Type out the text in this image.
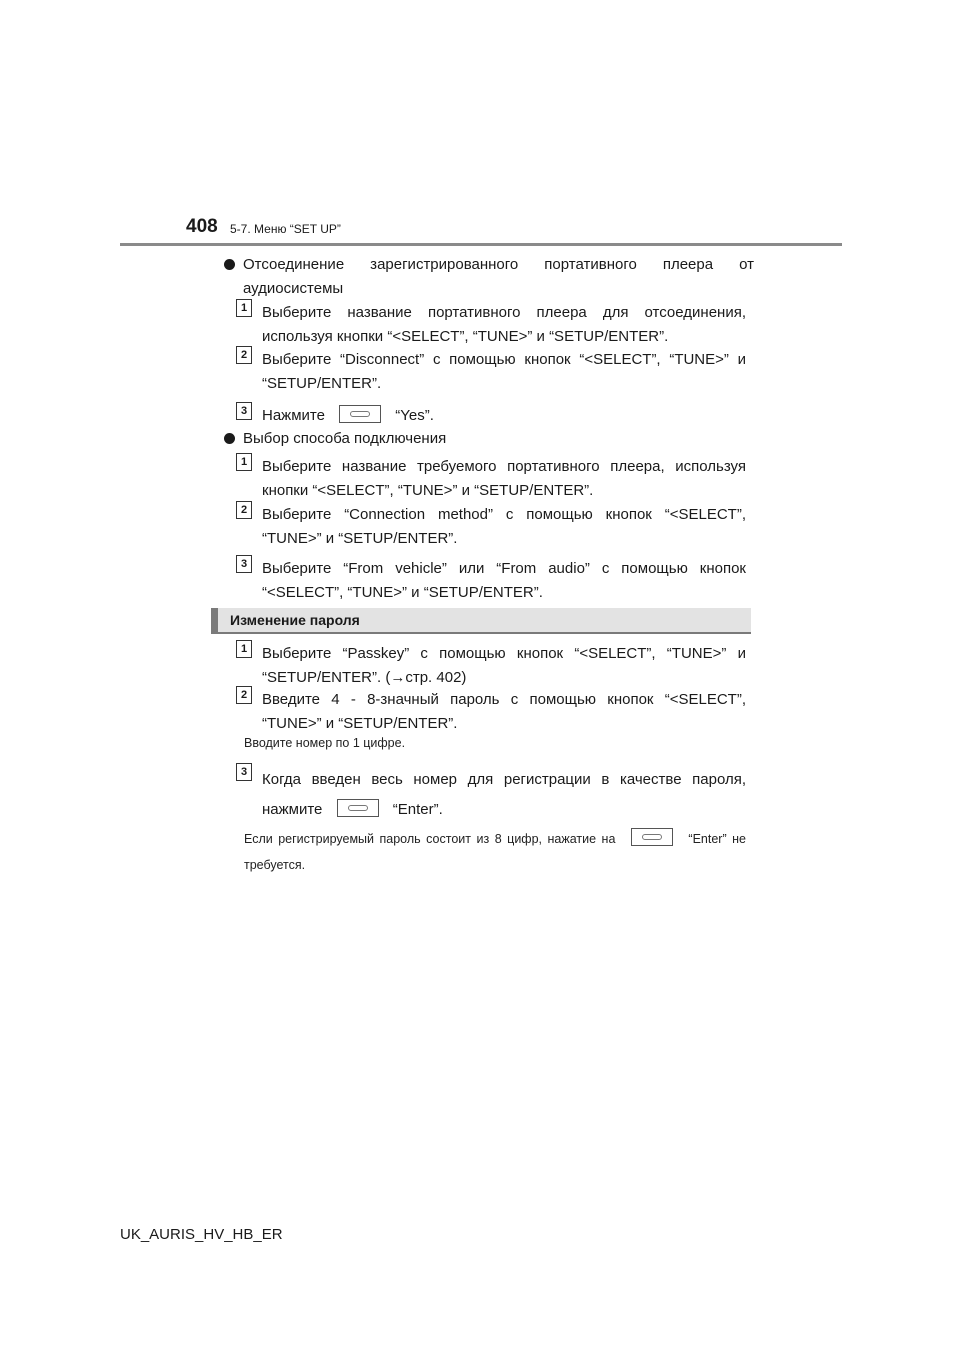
408 5-7. Меню “SET UP”
Отсоединение зарегистрированного портативного плеера от аудиосистемы
1 Выберите название портативного плеера для отсоединения, используя кнопки “<SELECT”, “TUNE>” и “SETUP/ENTER”.
2 Выберите “Disconnect” с помощью кнопок “<SELECT”, “TUNE>” и “SETUP/ENTER”.
3 Нажмите	“Yes”.
Выбор способа подключения
1 Выберите название требуемого портативного плеера, используя кнопки “<SELECT”, “TUNE>” и “SETUP/ENTER”.
2 Выберите “Connection method” с помощью кнопок “<SELECT”, “TUNE>” и “SETUP/ENTER”.
3 Выберите “From vehicle” или “From audio” с помощью кнопок “<SELECT”, “TUNE>” и “SETUP/ENTER”.
Изменение пароля
1 Выберите “Passkey” с помощью кнопок “<SELECT”, “TUNE>” и “SETUP/ENTER”. (→стр. 402)
2 Введите 4 - 8-значный пароль с помощью кнопок “<SELECT”, “TUNE>” и “SETUP/ENTER”.
Вводите номер по 1 цифре.
3 Когда введен весь номер для регистрации в качестве пароля, нажмите	“Enter”.
Если регистрируемый пароль состоит из 8 цифр, нажатие на	“Enter” не требуется.
UK_AURIS_HV_HB_ER
